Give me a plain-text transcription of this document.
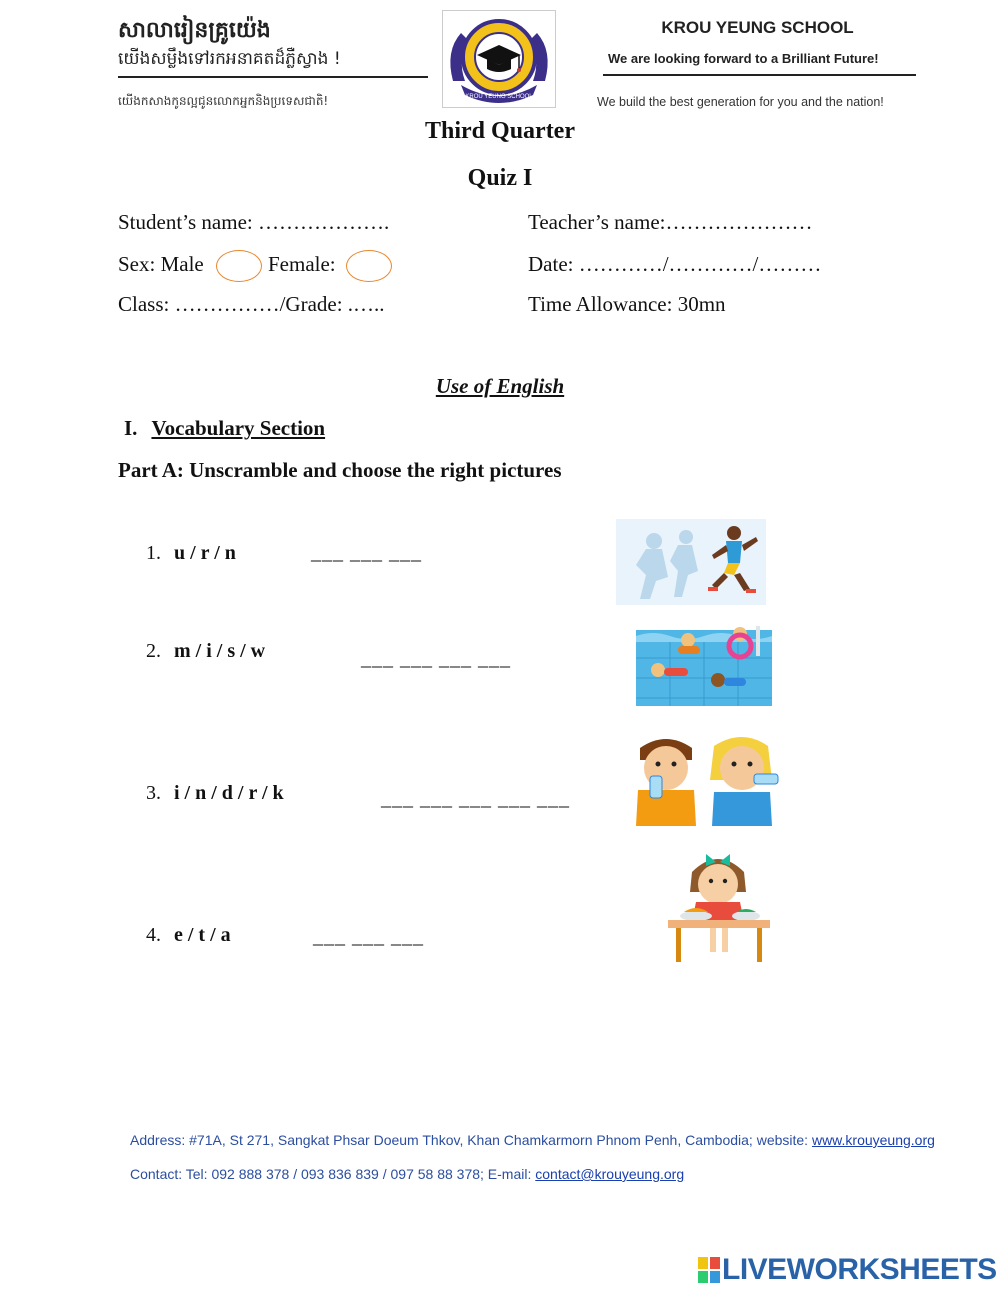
សាលារៀនគ្រូយ៉េង
យើងសម្លឹងទៅរកអនាគតដ៏ភ្លឺស្វាង !
យើងកសាងកូនល្អជូនលោកអ្នកនិងប្រទេសជាតិ!	KROU YEUNG SCHOOL
KROU YEUNG SCHOOL
We are looking forward to a Brilliant Future!
We build the best generation for you and the nation!
Third Quarter
Quiz I
Student’s name: ……………….	Teacher’s name:…………………
Sex: Male	Female:	Date: …………/…………/………
Class: ……………/Grade: .…..	Time Allowance: 30mn
Use of English
I. Vocabulary Section
Part A: Unscramble and choose the right pictures
1. u / r / n	___ ___ ___
2. m / i / s / w	___ ___ ___ ___
3. i / n / d / r / k	___ ___ ___ ___ ___
4. e / t / a	___ ___ ___
Address: #71A, St 271, Sangkat Phsar Doeum Thkov, Khan Chamkarmorn Phnom Penh, Cambodia; website: www.krouyeung.org
Contact: Tel: 092 888 378 / 093 836 839 / 097 58 88 378; E-mail: contact@krouyeung.org
LIVEWORKSHEETS
